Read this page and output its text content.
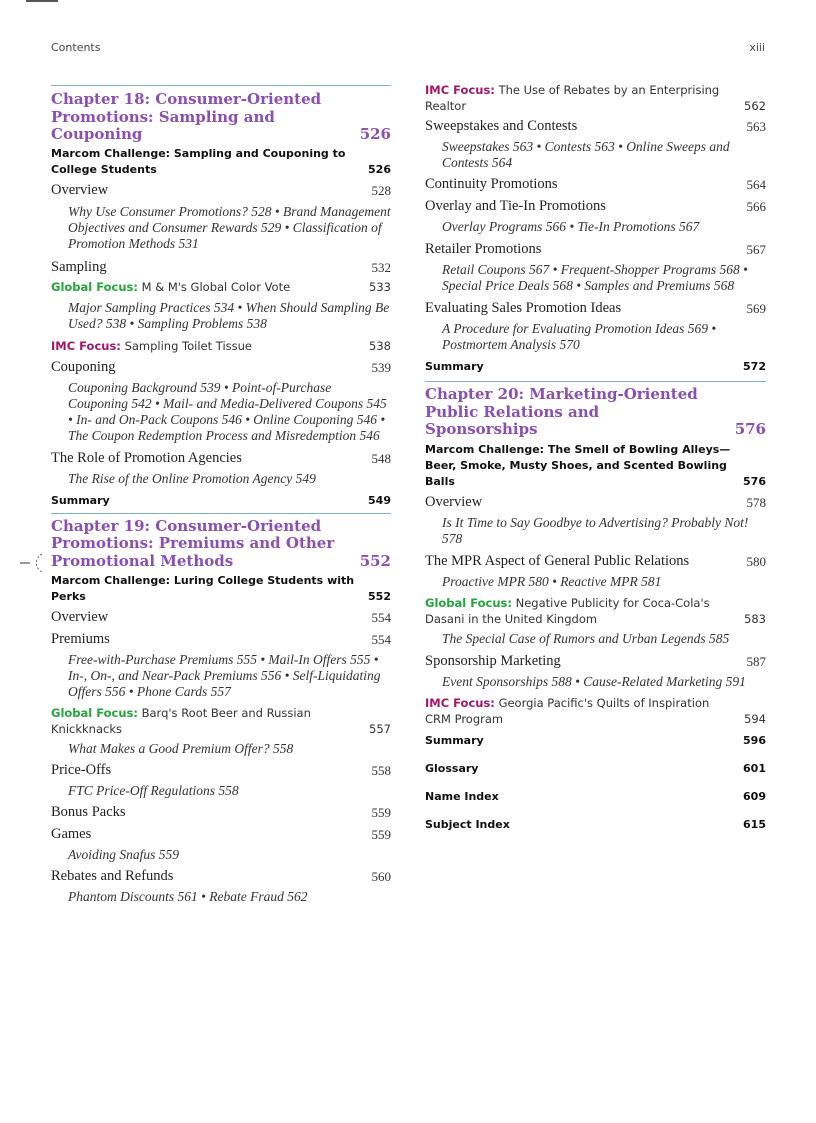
Contents	xiii
Chapter 18: Consumer-Oriented Promotions: Sampling and Couponing	526
Marcom Challenge: Sampling and Couponing to College Students	526
Overview	528
Why Use Consumer Promotions? 528 • Brand Management Objectives and Consumer Rewards 529 • Classification of Promotion Methods 531
Sampling	532
Global Focus: M & M's Global Color Vote	533
Major Sampling Practices 534 • When Should Sampling Be Used? 538 • Sampling Problems 538
IMC Focus: Sampling Toilet Tissue	538
Couponing	539
Couponing Background 539 • Point-of-Purchase Couponing 542 • Mail- and Media-Delivered Coupons 545 • In- and On-Pack Coupons 546 • Online Couponing 546 • The Coupon Redemption Process and Misredemption 546
The Role of Promotion Agencies	548
The Rise of the Online Promotion Agency 549
Summary	549
Chapter 19: Consumer-Oriented Promotions: Premiums and Other Promotional Methods	552
Marcom Challenge: Luring College Students with Perks	552
Overview	554
Premiums	554
Free-with-Purchase Premiums 555 • Mail-In Offers 555 • In-, On-, and Near-Pack Premiums 556 • Self-Liquidating Offers 556 • Phone Cards 557
Global Focus: Barq's Root Beer and Russian Knickknacks	557
What Makes a Good Premium Offer? 558
Price-Offs	558
FTC Price-Off Regulations 558
Bonus Packs	559
Games	559
Avoiding Snafus 559
Rebates and Refunds	560
Phantom Discounts 561 • Rebate Fraud 562
IMC Focus: The Use of Rebates by an Enterprising Realtor	562
Sweepstakes and Contests	563
Sweepstakes 563 • Contests 563 • Online Sweeps and Contests 564
Continuity Promotions	564
Overlay and Tie-In Promotions	566
Overlay Programs 566 • Tie-In Promotions 567
Retailer Promotions	567
Retail Coupons 567 • Frequent-Shopper Programs 568 • Special Price Deals 568 • Samples and Premiums 568
Evaluating Sales Promotion Ideas	569
A Procedure for Evaluating Promotion Ideas 569 • Postmortem Analysis 570
Summary	572
Chapter 20: Marketing-Oriented Public Relations and Sponsorships	576
Marcom Challenge: The Smell of Bowling Alleys—Beer, Smoke, Musty Shoes, and Scented Bowling Balls	576
Overview	578
Is It Time to Say Goodbye to Advertising? Probably Not! 578
The MPR Aspect of General Public Relations	580
Proactive MPR 580 • Reactive MPR 581
Global Focus: Negative Publicity for Coca-Cola's Dasani in the United Kingdom	583
The Special Case of Rumors and Urban Legends 585
Sponsorship Marketing	587
Event Sponsorships 588 • Cause-Related Marketing 591
IMC Focus: Georgia Pacific's Quilts of Inspiration CRM Program	594
Summary	596
Glossary	601
Name Index	609
Subject Index	615
